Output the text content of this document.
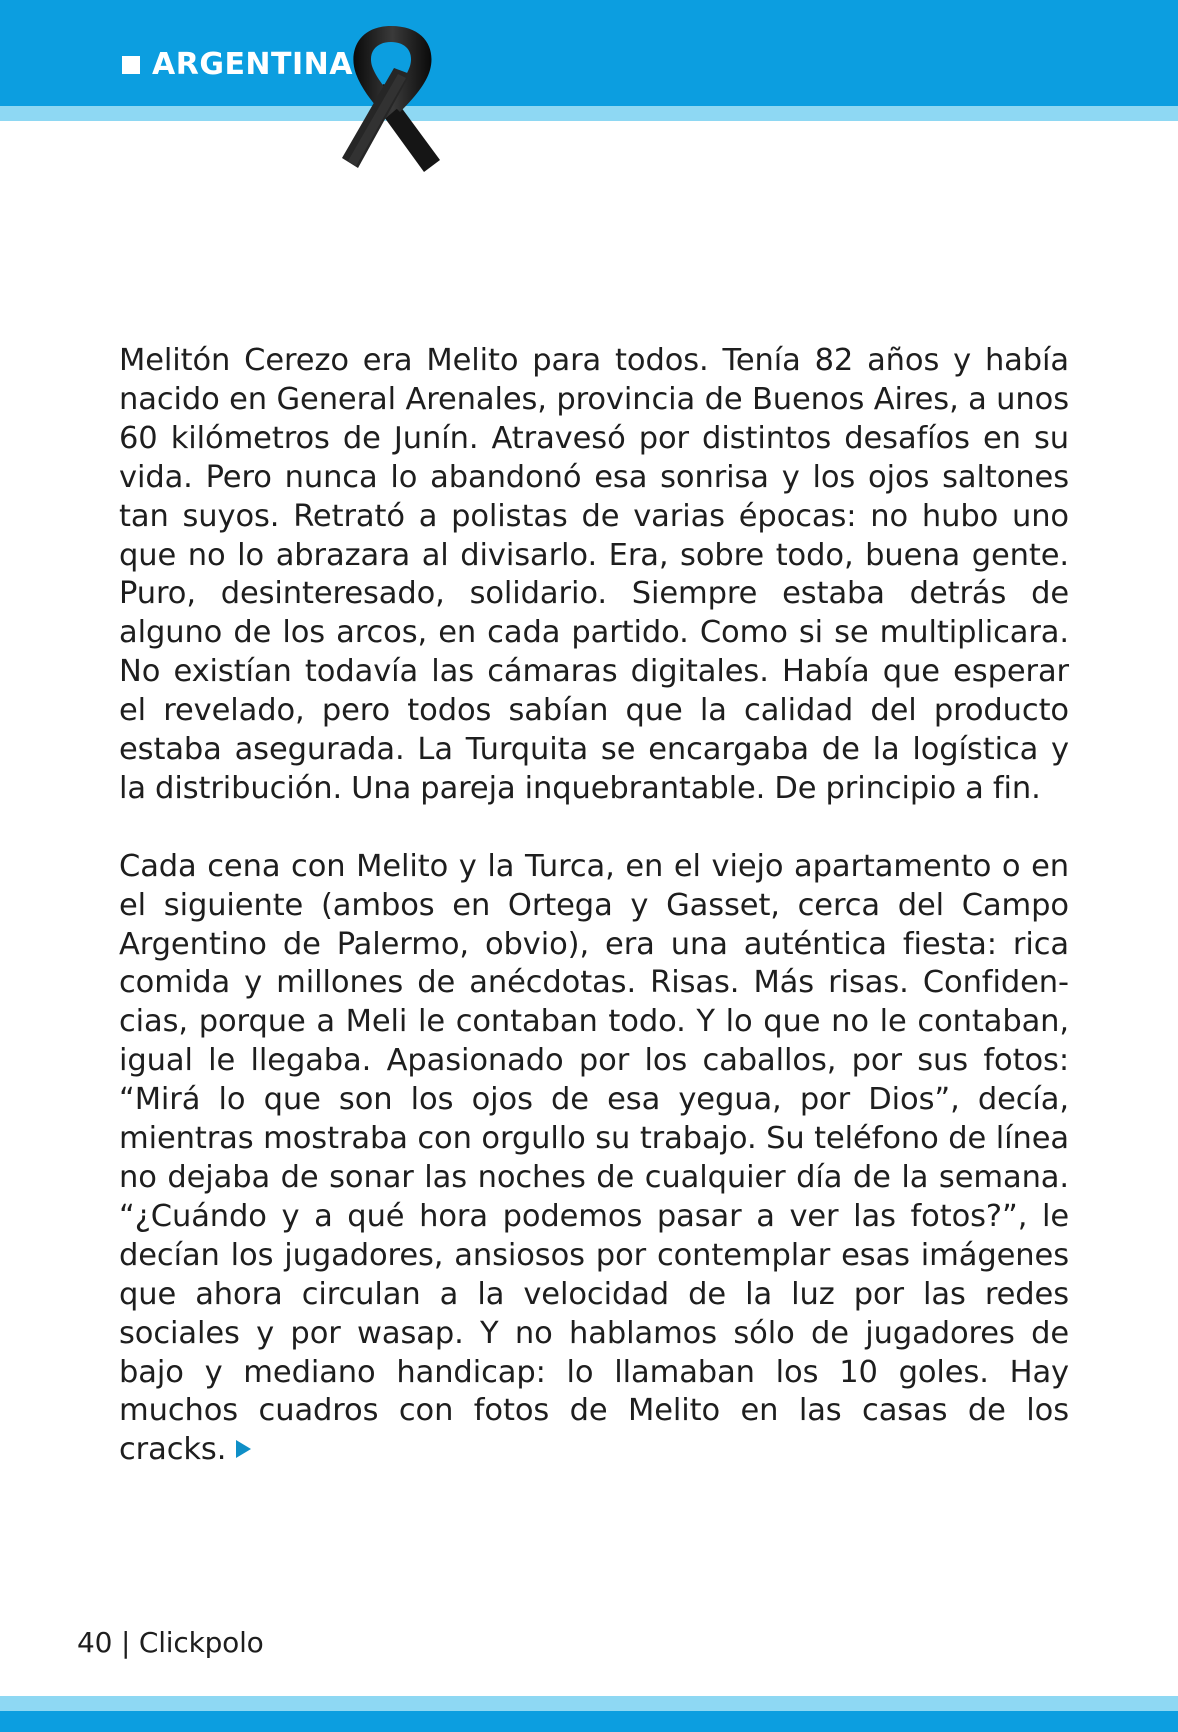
ARGENTINA

Melitón Cerezo era Melito para todos. Tenía 82 años y había nacido en General Arenales, provincia de Buenos Aires, a unos 60 kilómetros de Junín. Atravesó por distintos desafíos en su vida. Pero nunca lo abandonó esa sonrisa y los ojos saltones tan suyos. Retrató a polistas de varias épocas: no hubo uno que no lo abrazara al divisarlo. Era, sobre todo, buena gente. Puro, desinteresado, solidario. Siempre estaba detrás de alguno de los arcos, en cada partido. Como si se multiplicara. No existían todavía las cámaras digitales. Había que esperar el revelado, pero todos sabían que la calidad del producto estaba asegurada. La Turquita se encargaba de la logística y la distribución. Una pareja inquebrantable. De principio a fin.

Cada cena con Melito y la Turca, en el viejo apartamento o en el siguiente (ambos en Ortega y Gasset, cerca del Campo Argentino de Palermo, obvio), era una auténtica fiesta: rica comida y millones de anécdotas. Risas. Más risas. Confidencias, porque a Meli le contaban todo. Y lo que no le contaban, igual le llegaba. Apasionado por los caballos, por sus fotos: “Mirá lo que son los ojos de esa yegua, por Dios”, decía, mientras mostraba con orgullo su trabajo. Su teléfono de línea no dejaba de sonar las noches de cualquier día de la semana. “¿Cuándo y a qué hora podemos pasar a ver las fotos?”, le decían los jugadores, ansiosos por contemplar esas imágenes que ahora circulan a la velocidad de la luz por las redes sociales y por wasap. Y no hablamos sólo de jugadores de bajo y mediano handicap: lo llamaban los 10 goles. Hay muchos cuadros con fotos de Melito en las casas de los cracks.

40 | Clickpolo
